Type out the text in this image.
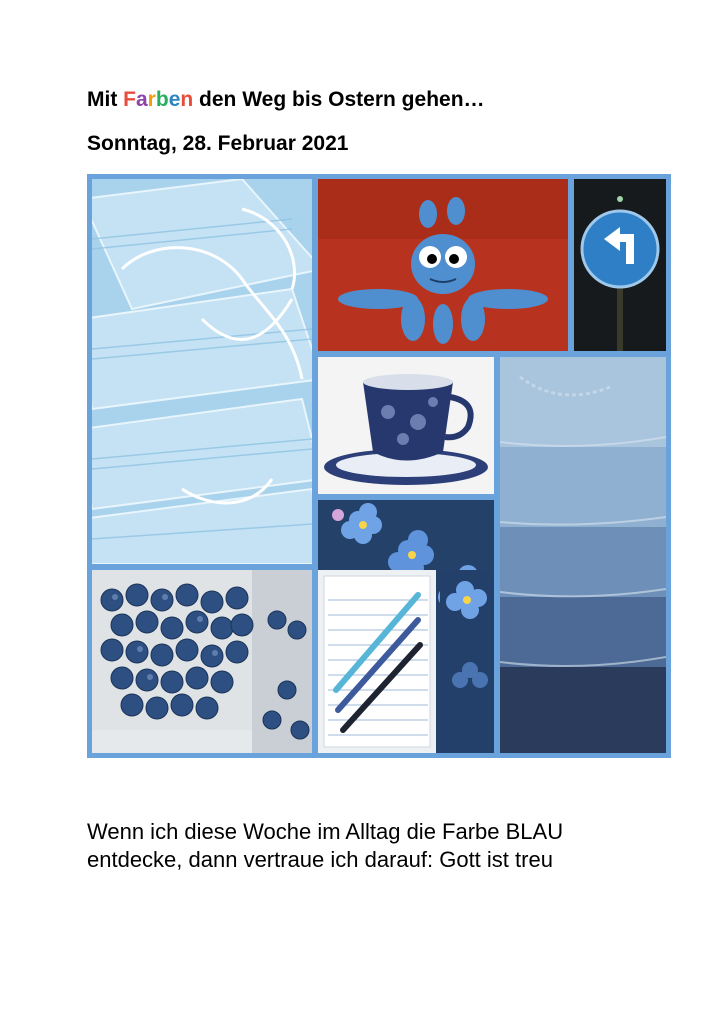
Mit Farben den Weg bis Ostern gehen…
Sonntag, 28. Februar 2021

Wenn ich diese Woche im Alltag die Farbe BLAU
entdecke, dann vertraue ich darauf: Gott ist treu
